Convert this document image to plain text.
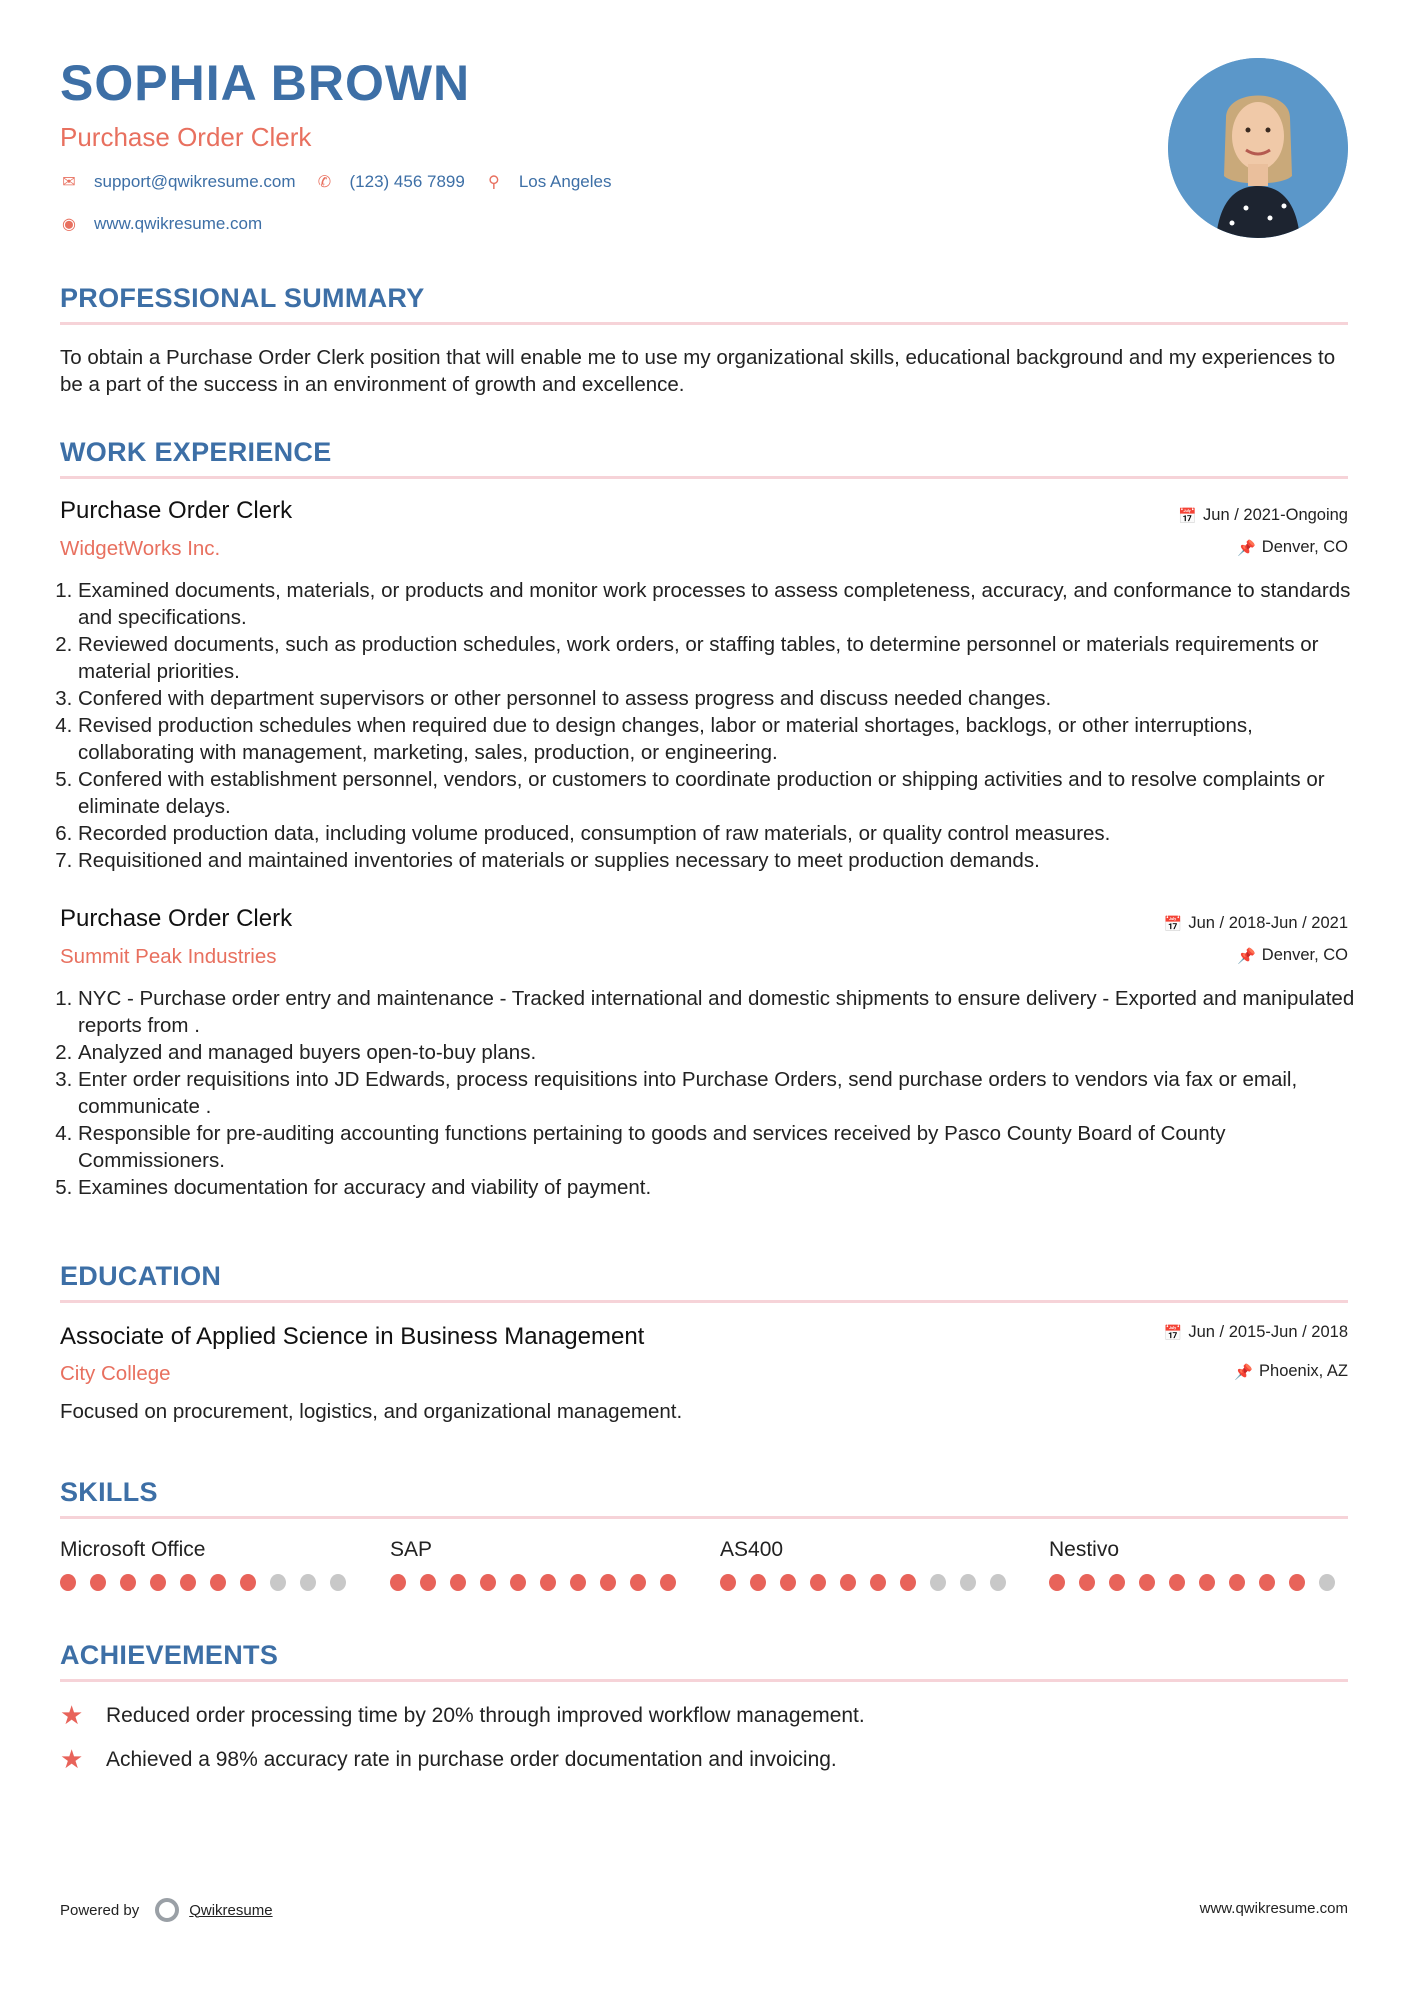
SOPHIA BROWN
Purchase Order Clerk
✉ support@qwikresume.com ✆ (123) 456 7899 ⚲ Los Angeles
◉ www.qwikresume.com
PROFESSIONAL SUMMARY

To obtain a Purchase Order Clerk position that will enable me to use my organizational skills, educational background and my experiences to be a part of the success in an environment of growth and excellence.

WORK EXPERIENCE
Purchase Order Clerk	📅 Jun / 2021-Ongoing
WidgetWorks Inc.	📌 Denver, CO
1. Examined documents, materials, or products and monitor work processes to assess completeness, accuracy, and conformance to standards and specifications.
2. Reviewed documents, such as production schedules, work orders, or staffing tables, to determine personnel or materials requirements or material priorities.
3. Confered with department supervisors or other personnel to assess progress and discuss needed changes.
4. Revised production schedules when required due to design changes, labor or material shortages, backlogs, or other interruptions, collaborating with management, marketing, sales, production, or engineering.
5. Confered with establishment personnel, vendors, or customers to coordinate production or shipping activities and to resolve complaints or eliminate delays.
6. Recorded production data, including volume produced, consumption of raw materials, or quality control measures.
7. Requisitioned and maintained inventories of materials or supplies necessary to meet production demands.
Purchase Order Clerk	📅 Jun / 2018-Jun / 2021
Summit Peak Industries	📌 Denver, CO
1. NYC - Purchase order entry and maintenance - Tracked international and domestic shipments to ensure delivery - Exported and manipulated reports from .
2. Analyzed and managed buyers open-to-buy plans.
3. Enter order requisitions into JD Edwards, process requisitions into Purchase Orders, send purchase orders to vendors via fax or email, communicate .
4. Responsible for pre-auditing accounting functions pertaining to goods and services received by Pasco County Board of County Commissioners.
5. Examines documentation for accuracy and viability of payment.
EDUCATION
Associate of Applied Science in Business Management	📅 Jun / 2015-Jun / 2018
City College	📌 Phoenix, AZ

Focused on procurement, logistics, and organizational management.

SKILLS
Microsoft Office	SAP	AS400	Nestivo
ACHIEVEMENTS
★	Reduced order processing time by 20% through improved workflow management.
★	Achieved a 98% accuracy rate in purchase order documentation and invoicing.
Powered by	Qwikresume	www.qwikresume.com
